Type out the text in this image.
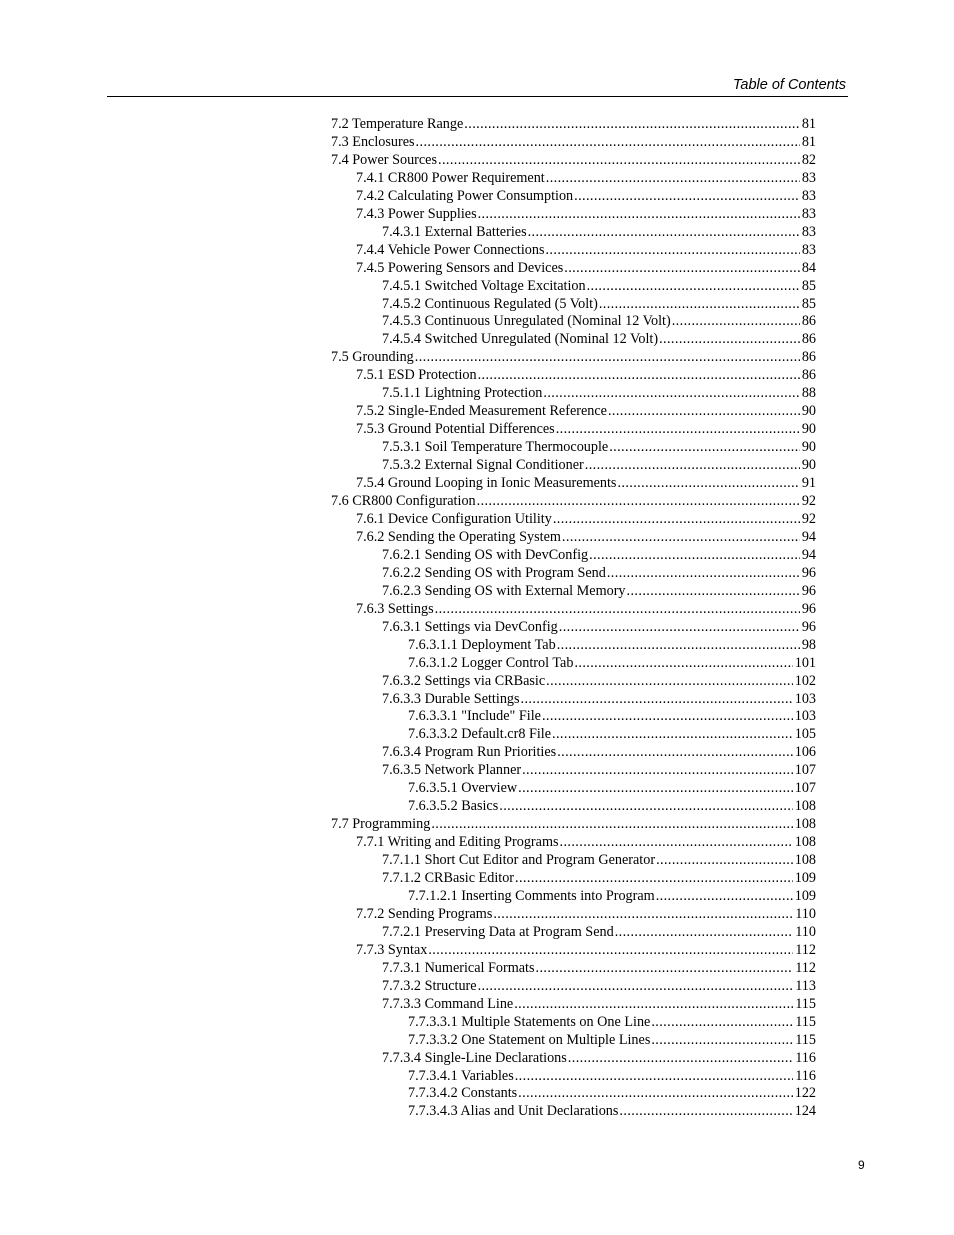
Table of Contents
7.2 Temperature Range .....	81
7.3 Enclosures .....	81
7.4 Power Sources .....	82
7.4.1 CR800 Power Requirement .....	83
7.4.2 Calculating Power Consumption .....	83
7.4.3 Power Supplies .....	83
7.4.3.1 External Batteries .....	83
7.4.4 Vehicle Power Connections .....	83
7.4.5 Powering Sensors and Devices .....	84
7.4.5.1 Switched Voltage Excitation .....	85
7.4.5.2 Continuous Regulated (5 Volt) .....	85
7.4.5.3 Continuous Unregulated (Nominal 12 Volt) .....	86
7.4.5.4 Switched Unregulated (Nominal 12 Volt) .....	86
7.5 Grounding .....	86
7.5.1 ESD Protection .....	86
7.5.1.1 Lightning Protection .....	88
7.5.2 Single-Ended Measurement Reference .....	90
7.5.3 Ground Potential Differences .....	90
7.5.3.1 Soil Temperature Thermocouple .....	90
7.5.3.2 External Signal Conditioner .....	90
7.5.4 Ground Looping in Ionic Measurements .....	91
7.6 CR800 Configuration .....	92
7.6.1 Device Configuration Utility .....	92
7.6.2 Sending the Operating System .....	94
7.6.2.1 Sending OS with DevConfig .....	94
7.6.2.2 Sending OS with Program Send .....	96
7.6.2.3 Sending OS with External Memory .....	96
7.6.3 Settings .....	96
7.6.3.1 Settings via DevConfig .....	96
7.6.3.1.1 Deployment Tab .....	98
7.6.3.1.2 Logger Control Tab .....	101
7.6.3.2 Settings via CRBasic .....	102
7.6.3.3 Durable Settings .....	103
7.6.3.3.1 "Include" File .....	103
7.6.3.3.2 Default.cr8 File .....	105
7.6.3.4 Program Run Priorities .....	106
7.6.3.5 Network Planner .....	107
7.6.3.5.1 Overview .....	107
7.6.3.5.2 Basics .....	108
7.7 Programming .....	108
7.7.1 Writing and Editing Programs .....	108
7.7.1.1 Short Cut Editor and Program Generator .....	108
7.7.1.2 CRBasic Editor .....	109
7.7.1.2.1 Inserting Comments into Program .....	109
7.7.2 Sending Programs .....	110
7.7.2.1 Preserving Data at Program Send .....	110
7.7.3 Syntax .....	112
7.7.3.1 Numerical Formats .....	112
7.7.3.2 Structure .....	113
7.7.3.3 Command Line .....	115
7.7.3.3.1 Multiple Statements on One Line .....	115
7.7.3.3.2 One Statement on Multiple Lines .....	115
7.7.3.4 Single-Line Declarations .....	116
7.7.3.4.1 Variables .....	116
7.7.3.4.2 Constants .....	122
7.7.3.4.3 Alias and Unit Declarations .....	124
9
